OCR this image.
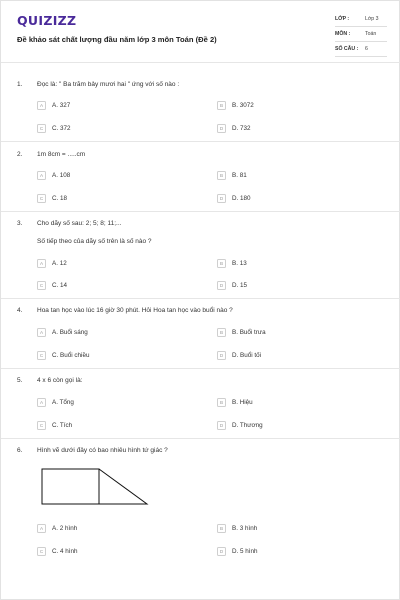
QUIZIZZ
Đề khảo sát chất lượng đầu năm lớp 3 môn Toán (Đề 2)
LỚP :	Lớp 3
MÔN :	Toán
SỐ CÂU : 6
1. Đọc là: " Ba trăm bảy mươi hai " ứng với số nào :
A	A. 327	B	B. 3072
C	C. 372	D	D. 732
2. 1m 8cm = .....cm
A	A. 108	B	B. 81
C	C. 18	D	D. 180
3. Cho dãy số sau: 2; 5; 8; 11;...
Số tiếp theo của dãy số trên là số nào ?
A	A. 12	B	B. 13
C	C. 14	D	D. 15
4. Hoa tan học vào lúc 16 giờ 30 phút. Hỏi Hoa tan học vào buổi nào ?
A	A. Buổi sáng	B	B. Buổi trưa
C	C. Buổi chiều	D	D. Buổi tối
5. 4 x 6 còn gọi là:
A	A. Tổng	B	B. Hiệu
C	C. Tích	D	D. Thương
6. Hình vẽ dưới đây có bao nhiêu hình tứ giác ?
A	A. 2 hình	B	B. 3 hình
C	C. 4 hình	D	D. 5 hình
